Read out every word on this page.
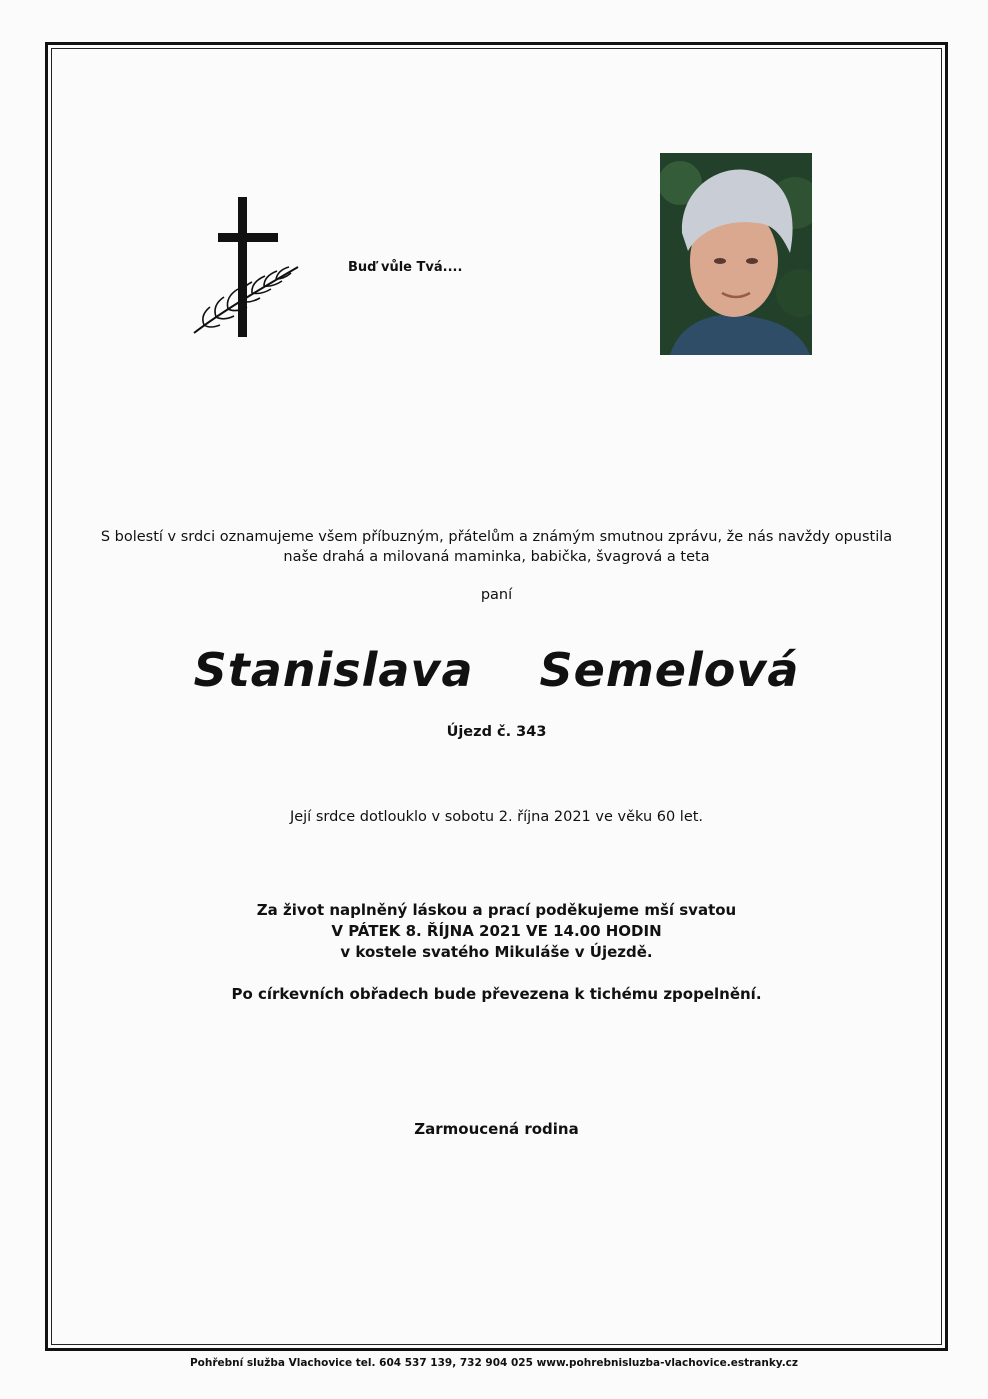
Buď vůle Tvá....
S bolestí v srdci oznamujeme všem příbuzným, přátelům a známým smutnou zprávu, že nás navždy opustila
naše drahá a milovaná maminka, babička, švagrová a teta
paní
Stanislava  Semelová
Újezd č. 343
Její srdce dotlouklo v sobotu 2. října 2021 ve věku 60 let.
Za život naplněný láskou a prací poděkujeme mší svatou
V PÁTEK 8. ŘÍJNA 2021 VE 14.00 HODIN
v kostele svatého Mikuláše v Újezdě.
Po církevních obřadech bude převezena k tichému zpopelnění.
Zarmoucená rodina
Pohřební služba Vlachovice tel. 604 537 139, 732 904 025 www.pohrebnisluzba-vlachovice.estranky.cz
